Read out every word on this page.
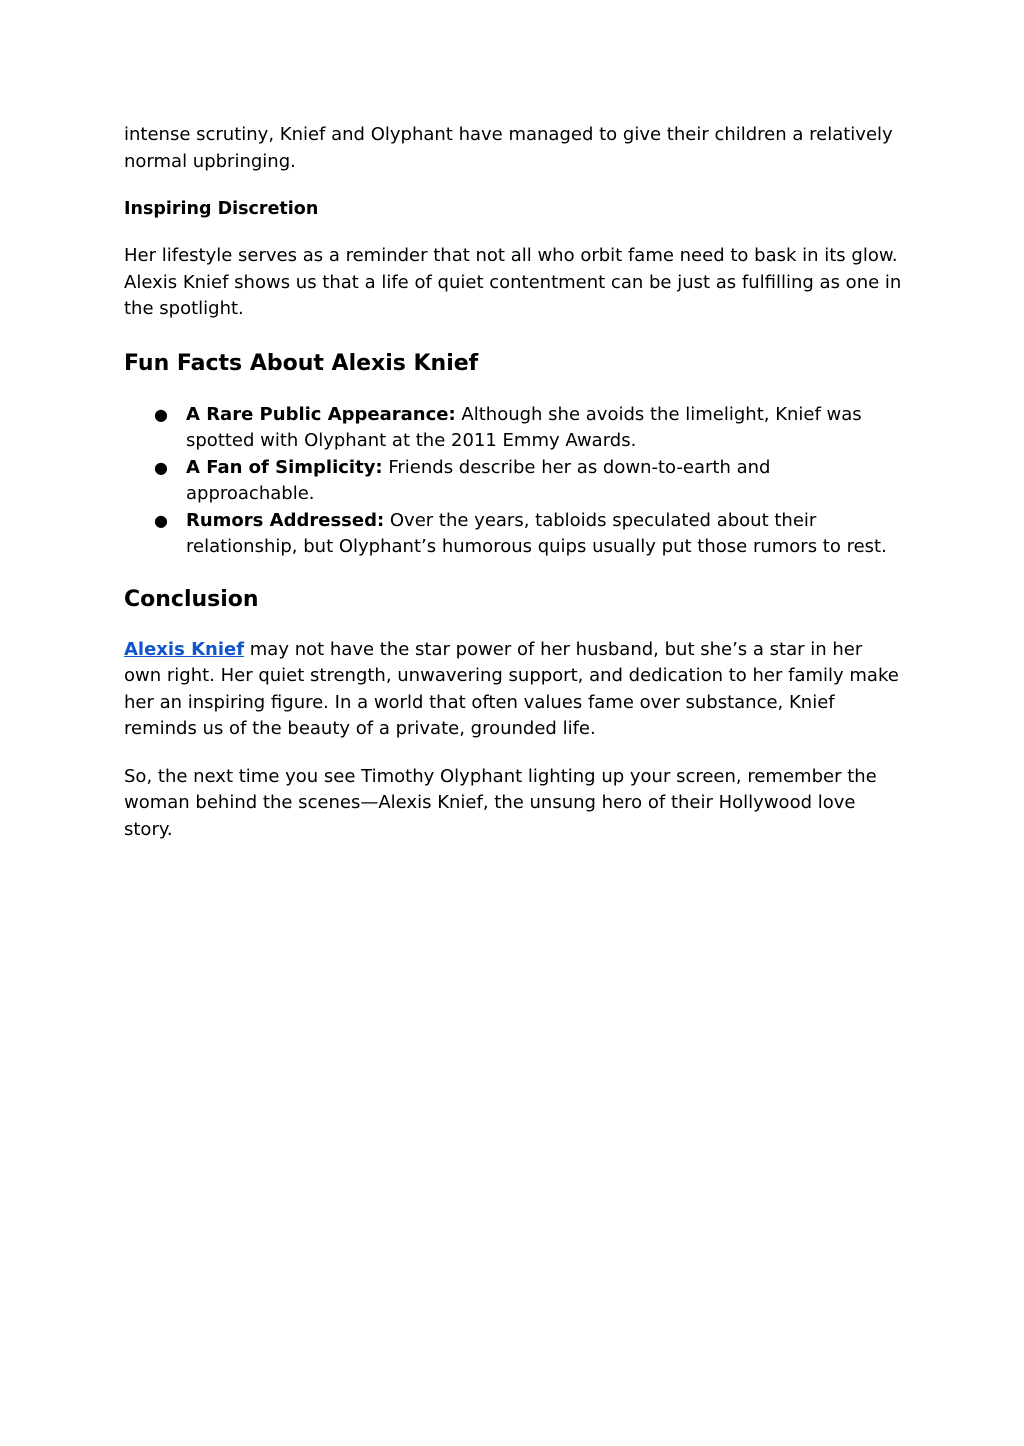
intense scrutiny, Knief and Olyphant have managed to give their children a relatively normal upbringing.

Inspiring Discretion

Her lifestyle serves as a reminder that not all who orbit fame need to bask in its glow. Alexis Knief shows us that a life of quiet contentment can be just as fulfilling as one in the spotlight.

Fun Facts About Alexis Knief
● A Rare Public Appearance: Although she avoids the limelight, Knief was spotted with Olyphant at the 2011 Emmy Awards.
● A Fan of Simplicity: Friends describe her as down-to-earth and approachable.
● Rumors Addressed: Over the years, tabloids speculated about their relationship, but Olyphant’s humorous quips usually put those rumors to rest.
Conclusion

Alexis Knief may not have the star power of her husband, but she’s a star in her own right. Her quiet strength, unwavering support, and dedication to her family make her an inspiring figure. In a world that often values fame over substance, Knief reminds us of the beauty of a private, grounded life.

So, the next time you see Timothy Olyphant lighting up your screen, remember the woman behind the scenes—Alexis Knief, the unsung hero of their Hollywood love story.
